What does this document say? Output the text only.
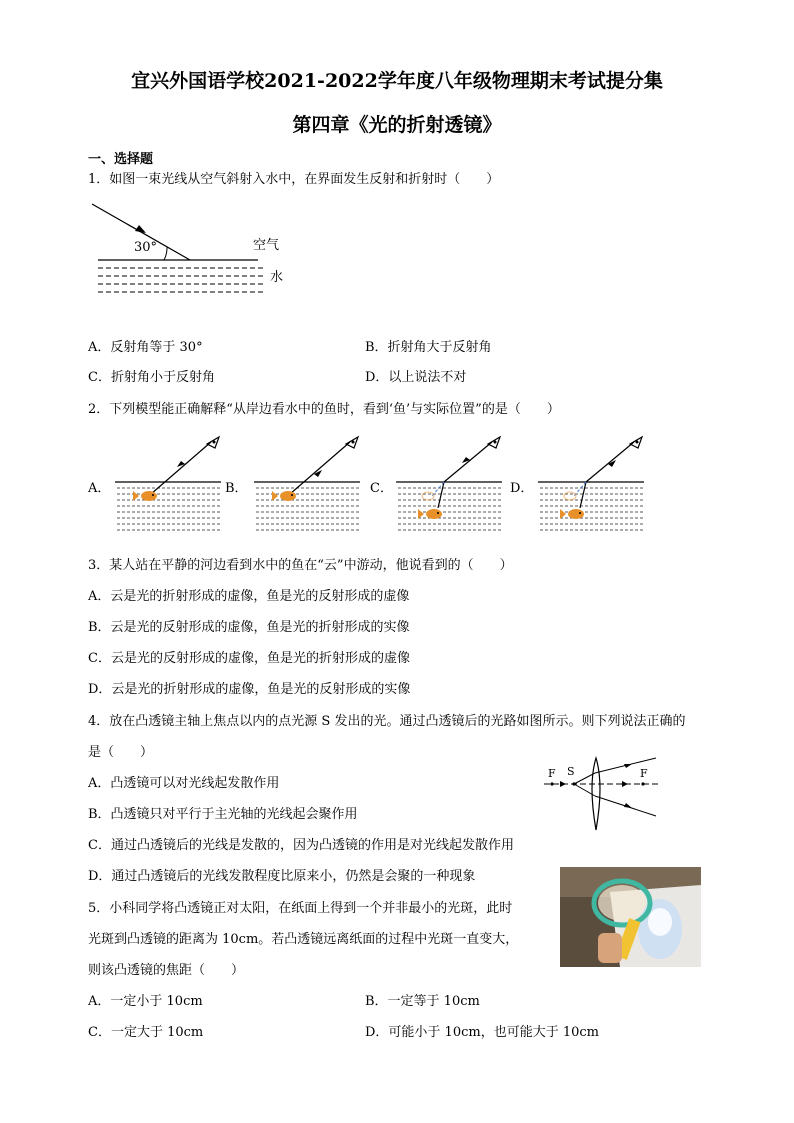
宜兴外国语学校2021-2022学年度八年级物理期末考试提分集
第四章《光的折射透镜》
一、选择题
1．如图一束光线从空气斜射入水中，在界面发生反射和折射时（　　）
30°	空气
水
A．反射角等于 30°	B．折射角大于反射角
C．折射角小于反射角	D．以上说法不对
2．下列模型能正确解释“从岸边看水中的鱼时，看到‘鱼’与实际位置”的是（　　）
A．	B．	C．	D．
3．某人站在平静的河边看到水中的鱼在“云”中游动，他说看到的（　　）
A．云是光的折射形成的虚像，鱼是光的反射形成的虚像
B．云是光的反射形成的虚像，鱼是光的折射形成的实像
C．云是光的反射形成的虚像，鱼是光的折射形成的虚像
D．云是光的折射形成的虚像，鱼是光的反射形成的实像
4．放在凸透镜主轴上焦点以内的点光源 S 发出的光。通过凸透镜后的光路如图所示。则下列说法正确的
是（　　）
F S	F
A．凸透镜可以对光线起发散作用
B．凸透镜只对平行于主光轴的光线起会聚作用
C．通过凸透镜后的光线是发散的，因为凸透镜的作用是对光线起发散作用
D．通过凸透镜后的光线发散程度比原来小，仍然是会聚的一种现象
5．小科同学将凸透镜正对太阳，在纸面上得到一个并非最小的光斑，此时
光斑到凸透镜的距离为 10cm。若凸透镜远离纸面的过程中光斑一直变大，
则该凸透镜的焦距（　　）
A．一定小于 10cm	B．一定等于 10cm
C．一定大于 10cm	D．可能小于 10cm，也可能大于 10cm
